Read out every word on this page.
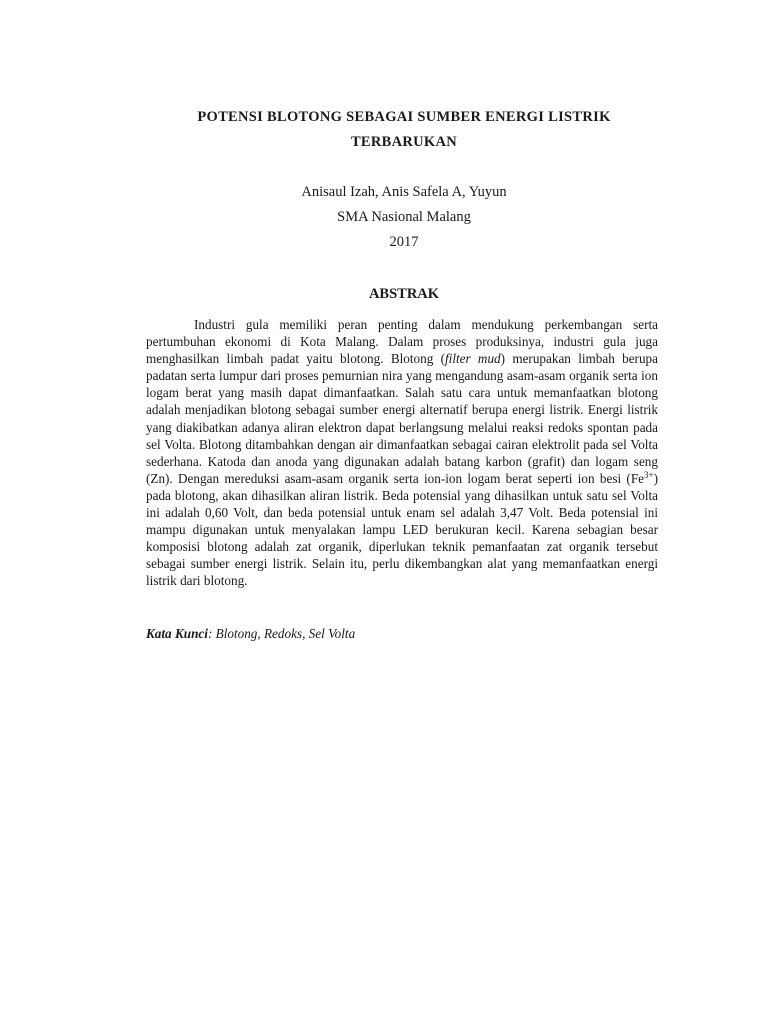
POTENSI BLOTONG SEBAGAI SUMBER ENERGI LISTRIK

TERBARUKAN

Anisaul Izah, Anis Safela A, Yuyun

SMA Nasional Malang

2017

ABSTRAK

Industri gula memiliki peran penting dalam mendukung perkembangan serta pertumbuhan ekonomi di Kota Malang. Dalam proses produksinya, industri gula juga menghasilkan limbah padat yaitu blotong. Blotong (filter mud) merupakan limbah berupa padatan serta lumpur dari proses pemurnian nira yang mengandung asam-asam organik serta ion logam berat yang masih dapat dimanfaatkan. Salah satu cara untuk memanfaatkan blotong adalah menjadikan blotong sebagai sumber energi alternatif berupa energi listrik. Energi listrik yang diakibatkan adanya aliran elektron dapat berlangsung melalui reaksi redoks spontan pada sel Volta. Blotong ditambahkan dengan air dimanfaatkan sebagai cairan elektrolit pada sel Volta sederhana. Katoda dan anoda yang digunakan adalah batang karbon (grafit) dan logam seng (Zn). Dengan mereduksi asam-asam organik serta ion-ion logam berat seperti ion besi $(Fe^{3+})$ pada blotong, akan dihasilkan aliran listrik. Beda potensial yang dihasilkan untuk satu sel Volta ini adalah 0,60 Volt, dan beda potensial untuk enam sel adalah 3,47 Volt. Beda potensial ini mampu digunakan untuk menyalakan lampu LED berukuran kecil. Karena sebagian besar komposisi blotong adalah zat organik, diperlukan teknik pemanfaatan zat organik tersebut sebagai sumber energi listrik. Selain itu, perlu dikembangkan alat yang memanfaatkan energi listrik dari blotong.

Kata Kunci: Blotong, Redoks, Sel Volta
